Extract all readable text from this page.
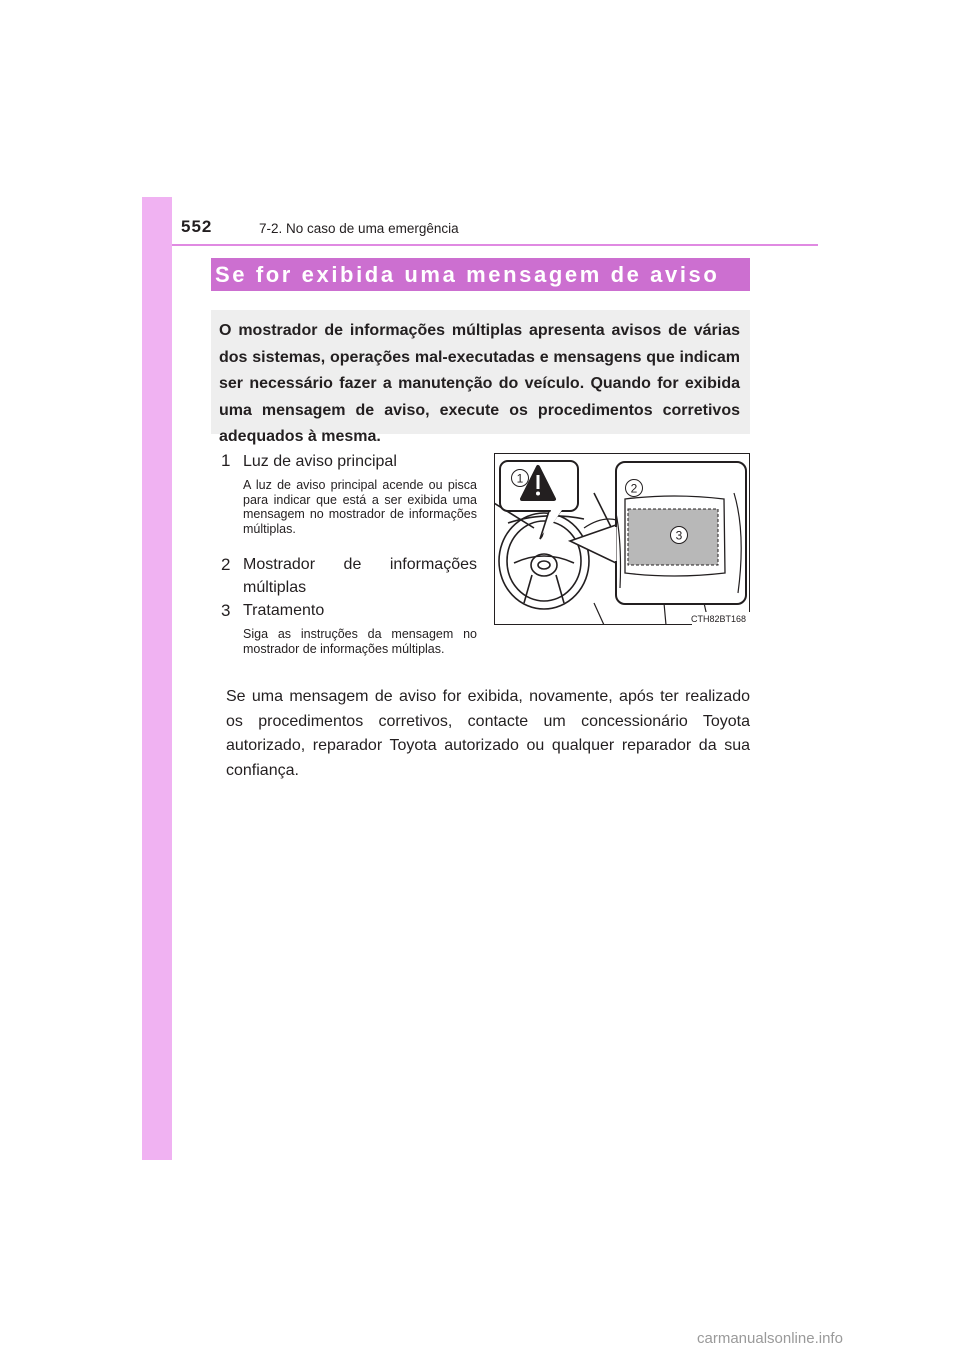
552	7-2. No caso de uma emergência
Se for exibida uma mensagem de aviso
O mostrador de informações múltiplas apresenta avisos de várias dos sistemas, operações mal-executadas e mensagens que indicam ser necessário fazer a manutenção do veículo. Quando for exibida uma mensagem de aviso, execute os procedimentos corretivos adequados à mesma.
1 Luz de aviso principal
A luz de aviso principal acende ou pisca para indicar que está a ser exibida uma mensagem no mostrador de informações múltiplas.
2 Mostrador de informações múltiplas
3 Tratamento
Siga as instruções da mensagem no mostrador de informações múltiplas.
1
2
3
CTH82BT168
Se uma mensagem de aviso for exibida, novamente, após ter realizado os procedimentos corretivos, contacte um concessionário Toyota autorizado, reparador Toyota autorizado ou qualquer reparador da sua confiança.
carmanualsonline.info
